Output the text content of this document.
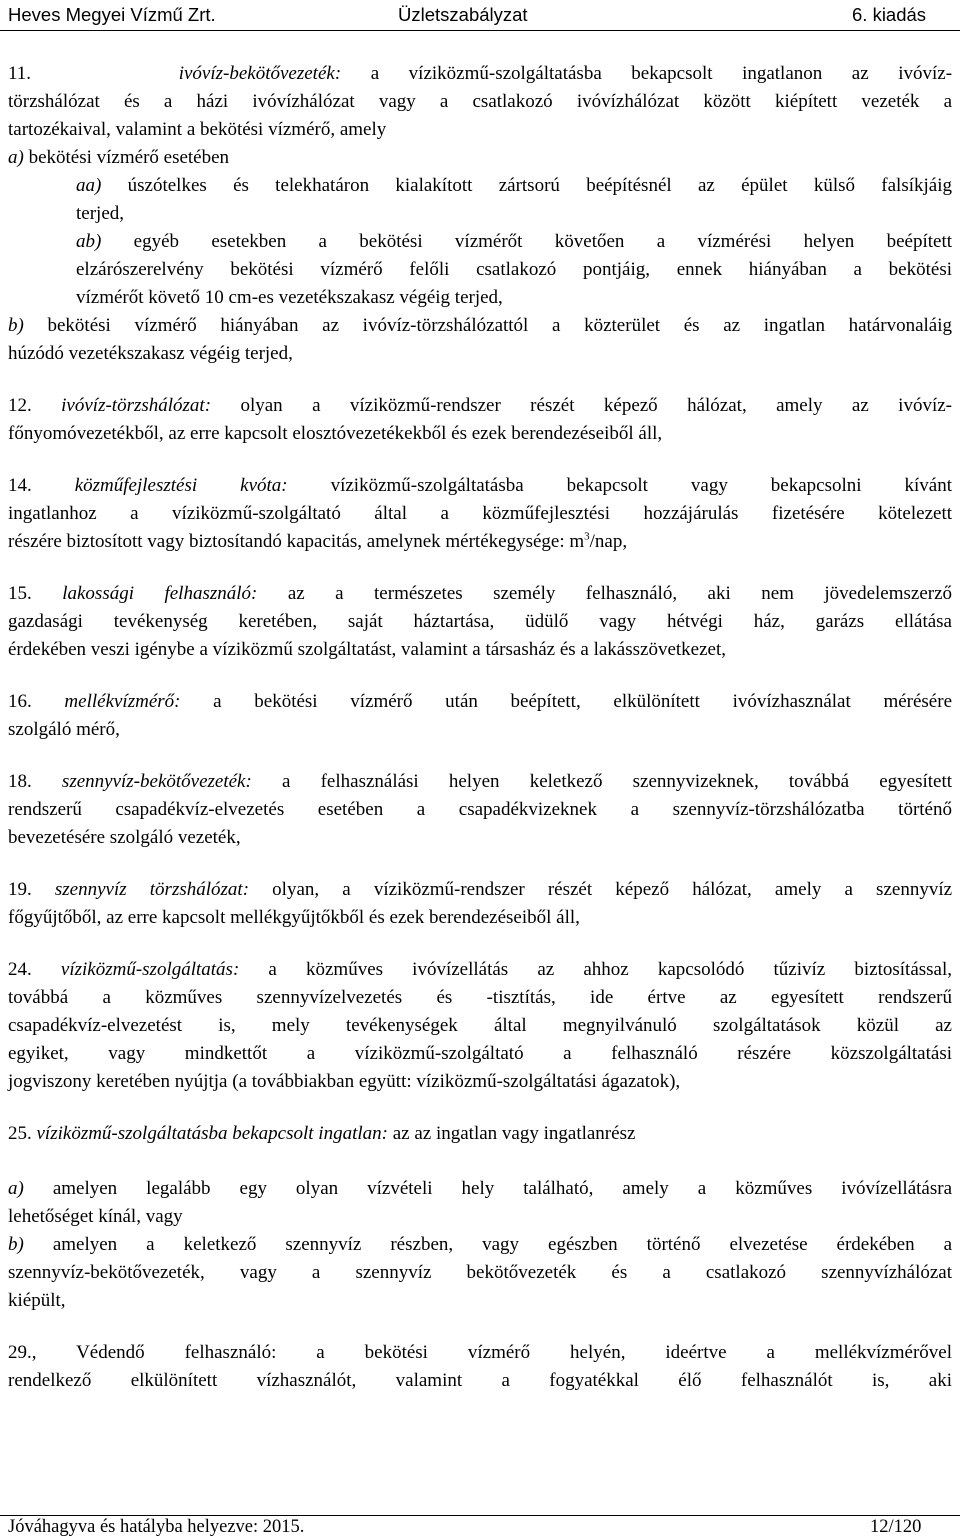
Heves Megyei Vízmű Zrt.	Üzletszabályzat	6. kiadás
11.	ivóvíz-bekötővezeték: a víziközmű-szolgáltatásba bekapcsolt ingatlanon az ivóvíz-
törzshálózat és a házi ivóvízhálózat vagy a csatlakozó ivóvízhálózat között kiépített vezeték a
tartozékaival, valamint a bekötési vízmérő, amely
a) bekötési vízmérő esetében
aa) úszótelkes és telekhatáron kialakított zártsorú beépítésnél az épület külső falsíkjáig
terjed,
ab) egyéb esetekben a bekötési vízmérőt követően a vízmérési helyen beépített
elzárószerelvény bekötési vízmérő felőli csatlakozó pontjáig, ennek hiányában a bekötési
vízmérőt követő 10 cm-es vezetékszakasz végéig terjed,
b) bekötési vízmérő hiányában az ivóvíz-törzshálózattól a közterület és az ingatlan határvonaláig
húzódó vezetékszakasz végéig terjed,
12. ivóvíz-törzshálózat: olyan a víziközmű-rendszer részét képező hálózat, amely az ivóvíz-
főnyomóvezetékből, az erre kapcsolt elosztóvezetékekből és ezek berendezéseiből áll,
14. közműfejlesztési kvóta: víziközmű-szolgáltatásba bekapcsolt vagy bekapcsolni kívánt
ingatlanhoz a víziközmű-szolgáltató által a közműfejlesztési hozzájárulás fizetésére kötelezett
részére biztosított vagy biztosítandó kapacitás, amelynek mértékegysége: $m^3$/nap,
15. lakossági felhasználó: az a természetes személy felhasználó, aki nem jövedelemszerző
gazdasági tevékenység keretében, saját háztartása, üdülő vagy hétvégi ház, garázs ellátása
érdekében veszi igénybe a víziközmű szolgáltatást, valamint a társasház és a lakásszövetkezet,
16. mellékvízmérő: a bekötési vízmérő után beépített, elkülönített ivóvízhasználat mérésére
szolgáló mérő,
18. szennyvíz-bekötővezeték: a felhasználási helyen keletkező szennyvizeknek, továbbá egyesített
rendszerű csapadékvíz-elvezetés esetében a csapadékvizeknek a szennyvíz-törzshálózatba történő
bevezetésére szolgáló vezeték,
19. szennyvíz törzshálózat: olyan, a víziközmű-rendszer részét képező hálózat, amely a szennyvíz
főgyűjtőből, az erre kapcsolt mellékgyűjtőkből és ezek berendezéseiből áll,
24. víziközmű-szolgáltatás: a közműves ivóvízellátás az ahhoz kapcsolódó tűzivíz biztosítással,
továbbá a közműves szennyvízelvezetés és -tisztítás, ide értve az egyesített rendszerű
csapadékvíz-elvezetést is, mely tevékenységek által megnyilvánuló szolgáltatások közül az
egyiket, vagy mindkettőt a víziközmű-szolgáltató a felhasználó részére közszolgáltatási
jogviszony keretében nyújtja (a továbbiakban együtt: víziközmű-szolgáltatási ágazatok),
25. víziközmű-szolgáltatásba bekapcsolt ingatlan: az az ingatlan vagy ingatlanrész
a) amelyen legalább egy olyan vízvételi hely található, amely a közműves ivóvízellátásra
lehetőséget kínál, vagy
b) amelyen a keletkező szennyvíz részben, vagy egészben történő elvezetése érdekében a
szennyvíz-bekötővezeték, vagy a szennyvíz bekötővezeték és a csatlakozó szennyvízhálózat
kiépült,
29., Védendő felhasználó: a bekötési vízmérő helyén, ideértve a mellékvízmérővel
rendelkező elkülönített vízhasználót, valamint a fogyatékkal élő felhasználót is, aki
Jóváhagyva és hatályba helyezve: 2015.	12/120
